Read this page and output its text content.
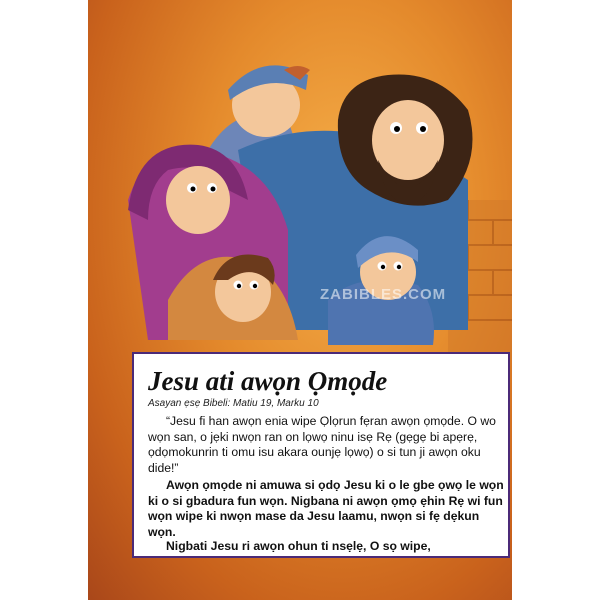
ZABIBLES.COM
Jesu ati awọn Ọmọde
Asayan ẹsẹ Bibeli: Matiu 19, Marku 10

“Jesu fi han awọn enia wipe Ọlọrun fẹran awọn ọmọde. O wo wọn san, o jẹki nwọn ran on lọwọ ninu isẹ Rẹ (gẹgẹ bi apẹrẹ, ọdọmokunrin ti omu isu akara ounjẹ lọwọ) o si tun ji awọn oku dide!”

Awọn ọmọde ni amuwa si ọdọ Jesu ki o le gbe ọwọ le wọn ki o si gbadura fun wọn. Nigbana ni awọn ọmọ ẹhin Rẹ wi fun wọn wipe ki nwọn mase da Jesu laamu, nwọn si fẹ dẹkun wọn.

Nigbati Jesu ri awọn ohun ti nsẹlẹ, O sọ wipe,
